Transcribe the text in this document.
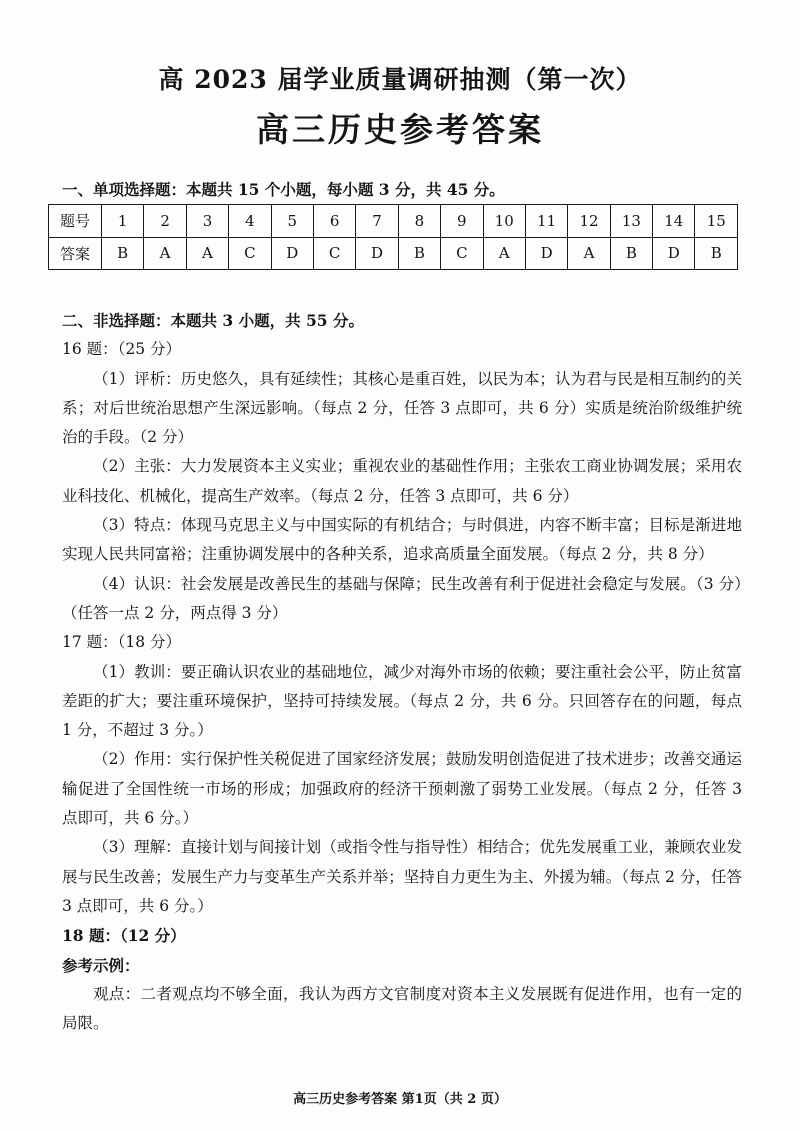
高 2023 届学业质量调研抽测（第一次）
高三历史参考答案
一、单项选择题：本题共 15 个小题，每小题 3 分，共 45 分。
题号	1	2	3	4	5	6	7	8	9	10	11	12	13	14	15
答案	B	A	A	C	D	C	D	B	C	A	D	A	B	D	B
二、非选择题：本题共 3 小题，共 55 分。
16 题：（25 分）
（1）评析：历史悠久，具有延续性；其核心是重百姓，以民为本；认为君与民是相互制约的关系；对后世统治思想产生深远影响。（每点 2 分，任答 3 点即可，共 6 分）实质是统治阶级维护统治的手段。（2 分）
（2）主张：大力发展资本主义实业；重视农业的基础性作用；主张农工商业协调发展；采用农业科技化、机械化，提高生产效率。（每点 2 分，任答 3 点即可，共 6 分）
（3）特点：体现马克思主义与中国实际的有机结合；与时俱进，内容不断丰富；目标是渐进地实现人民共同富裕；注重协调发展中的各种关系，追求高质量全面发展。（每点 2 分，共 8 分）
（4）认识：社会发展是改善民生的基础与保障；民生改善有利于促进社会稳定与发展。（3 分）（任答一点 2 分，两点得 3 分）
17 题：（18 分）
（1）教训：要正确认识农业的基础地位，减少对海外市场的依赖；要注重社会公平，防止贫富差距的扩大；要注重环境保护，坚持可持续发展。（每点 2 分，共 6 分。只回答存在的问题，每点 1 分，不超过 3 分。）
（2）作用：实行保护性关税促进了国家经济发展；鼓励发明创造促进了技术进步；改善交通运输促进了全国性统一市场的形成；加强政府的经济干预刺激了弱势工业发展。（每点 2 分，任答 3 点即可，共 6 分。）
（3）理解：直接计划与间接计划（或指令性与指导性）相结合；优先发展重工业，兼顾农业发展与民生改善；发展生产力与变革生产关系并举；坚持自力更生为主、外援为辅。（每点 2 分，任答 3 点即可，共 6 分。）
18 题：（12 分）
参考示例：
观点：二者观点均不够全面，我认为西方文官制度对资本主义发展既有促进作用，也有一定的局限。
高三历史参考答案 第1页（共 2 页）
